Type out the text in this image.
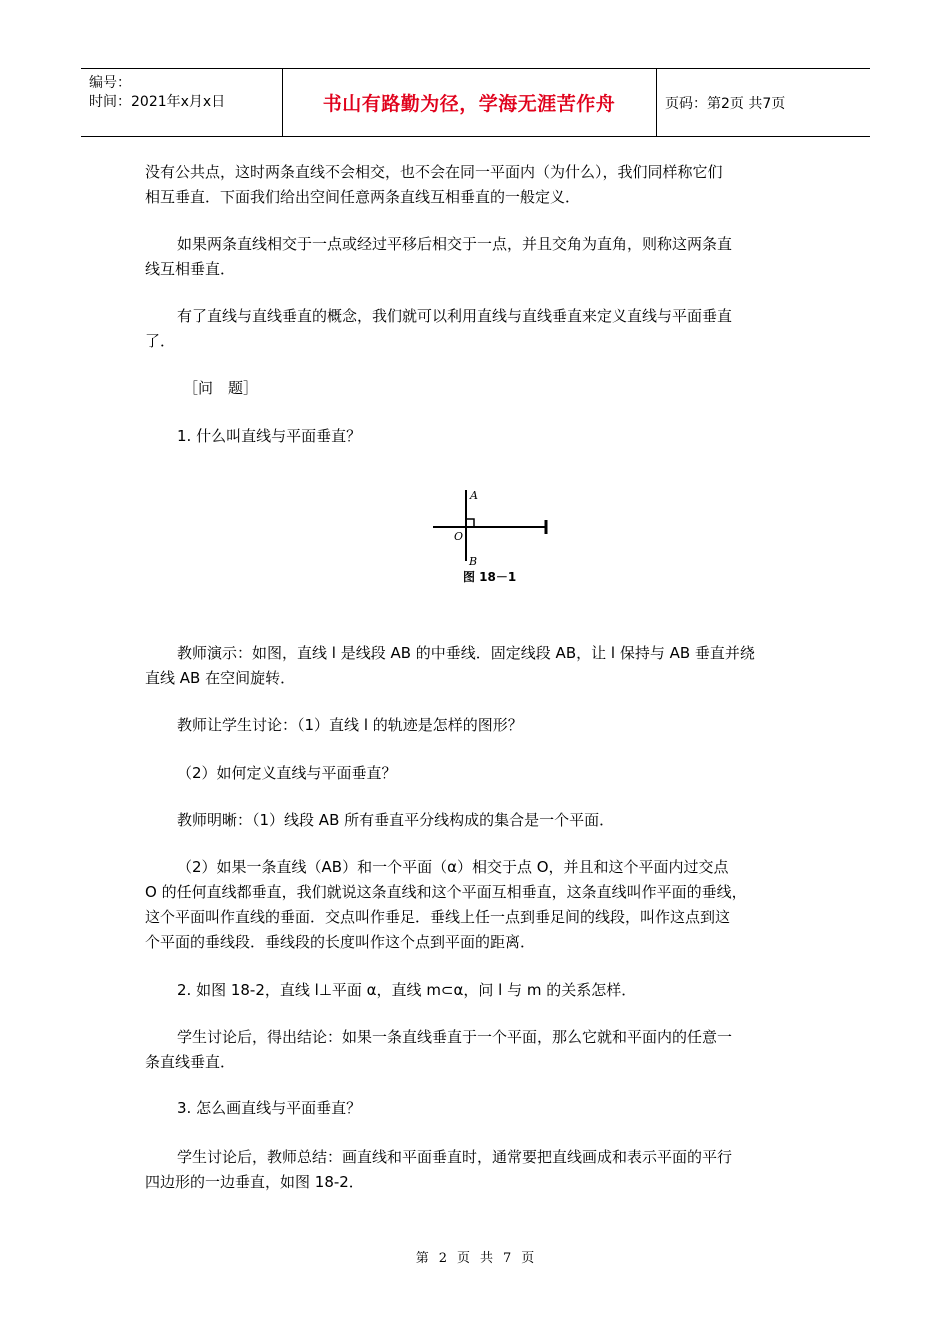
编号：
时间：2021年x月x日	书山有路勤为径，学海无涯苦作舟	页码：第2页 共7页
没有公共点，这时两条直线不会相交，也不会在同一平面内（为什么），我们同样称它们
相互垂直．下面我们给出空间任意两条直线互相垂直的一般定义．
如果两条直线相交于一点或经过平移后相交于一点，并且交角为直角，则称这两条直
线互相垂直．
有了直线与直线垂直的概念，我们就可以利用直线与直线垂直来定义直线与平面垂直
了．
［问　题］
1. 什么叫直线与平面垂直？
A
O
B
图 18－1
教师演示：如图，直线 l 是线段 AB 的中垂线．固定线段 AB，让 l 保持与 AB 垂直并绕
直线 AB 在空间旋转．
教师让学生讨论：（1）直线 l 的轨迹是怎样的图形？
（2）如何定义直线与平面垂直？
教师明晰：（1）线段 AB 所有垂直平分线构成的集合是一个平面．
（2）如果一条直线（AB）和一个平面（α）相交于点 O，并且和这个平面内过交点
O 的任何直线都垂直，我们就说这条直线和这个平面互相垂直，这条直线叫作平面的垂线，
这个平面叫作直线的垂面．交点叫作垂足．垂线上任一点到垂足间的线段，叫作这点到这
个平面的垂线段．垂线段的长度叫作这个点到平面的距离．
2. 如图 18-2，直线 l⊥平面 α，直线 m⊂α，问 l 与 m 的关系怎样．
学生讨论后，得出结论：如果一条直线垂直于一个平面，那么它就和平面内的任意一
条直线垂直．
3. 怎么画直线与平面垂直？
学生讨论后，教师总结：画直线和平面垂直时，通常要把直线画成和表示平面的平行
四边形的一边垂直，如图 18-2．
第 2 页 共 7 页
